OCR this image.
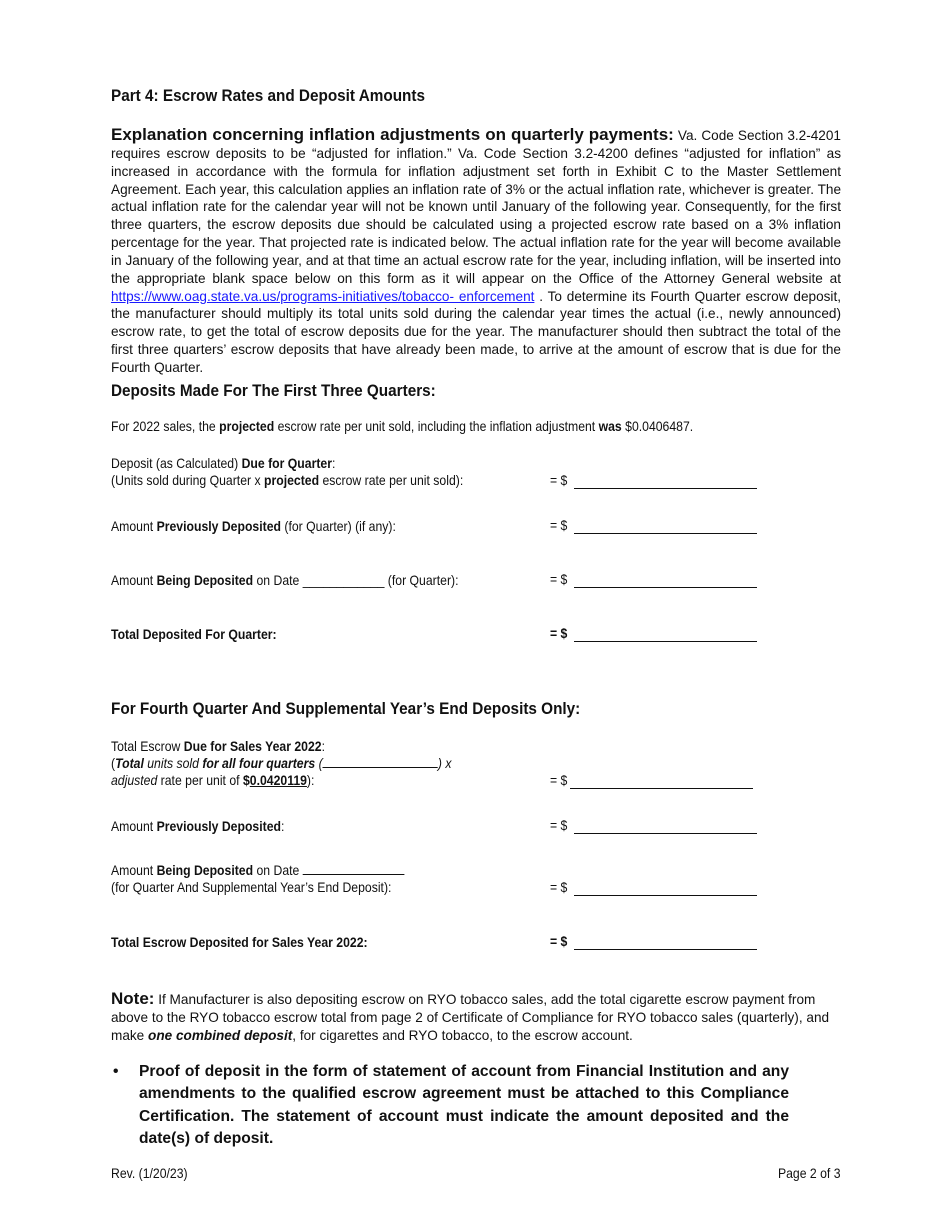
Part 4: Escrow Rates and Deposit Amounts
Explanation concerning inflation adjustments on quarterly payments: Va. Code Section 3.2-4201 requires escrow deposits to be “adjusted for inflation.” Va. Code Section 3.2-4200 defines “adjusted for inflation” as increased in accordance with the formula for inflation adjustment set forth in Exhibit C to the Master Settlement Agreement. Each year, this calculation applies an inflation rate of 3% or the actual inflation rate, whichever is greater. The actual inflation rate for the calendar year will not be known until January of the following year. Consequently, for the first three quarters, the escrow deposits due should be calculated using a projected escrow rate based on a 3% inflation percentage for the year. That projected rate is indicated below. The actual inflation rate for the year will become available in January of the following year, and at that time an actual escrow rate for the year, including inflation, will be inserted into the appropriate blank space below on this form as it will appear on the Office of the Attorney General website at https://www.oag.state.va.us/programs-initiatives/tobacco- enforcement . To determine its Fourth Quarter escrow deposit, the manufacturer should multiply its total units sold during the calendar year times the actual (i.e., newly announced) escrow rate, to get the total of escrow deposits due for the year. The manufacturer should then subtract the total of the first three quarters’ escrow deposits that have already been made, to arrive at the amount of escrow that is due for the Fourth Quarter.
Deposits Made For The First Three Quarters:
For 2022 sales, the projected escrow rate per unit sold, including the inflation adjustment was $0.0406487.
Deposit (as Calculated) Due for Quarter:
(Units sold during Quarter x projected escrow rate per unit sold):	= $
Amount Previously Deposited (for Quarter) (if any):	= $
Amount Being Deposited on Date ____________ (for Quarter):	= $
Total Deposited For Quarter:	= $
For Fourth Quarter And Supplemental Year’s End Deposits Only:
Total Escrow Due for Sales Year 2022:
(Total units sold for all four quarters (	) x
adjusted rate per unit of $0.0420119):	= $
Amount Previously Deposited:	= $
Amount Being Deposited on Date
(for Quarter And Supplemental Year’s End Deposit):	= $
Total Escrow Deposited for Sales Year 2022:	= $
Note: If Manufacturer is also depositing escrow on RYO tobacco sales, add the total cigarette escrow payment from above to the RYO tobacco escrow total from page 2 of Certificate of Compliance for RYO tobacco sales (quarterly), and make one combined deposit, for cigarettes and RYO tobacco, to the escrow account.
• Proof of deposit in the form of statement of account from Financial Institution and any amendments to the qualified escrow agreement must be attached to this Compliance Certification. The statement of account must indicate the amount deposited and the date(s) of deposit.
Rev. (1/20/23)	Page 2 of 3
